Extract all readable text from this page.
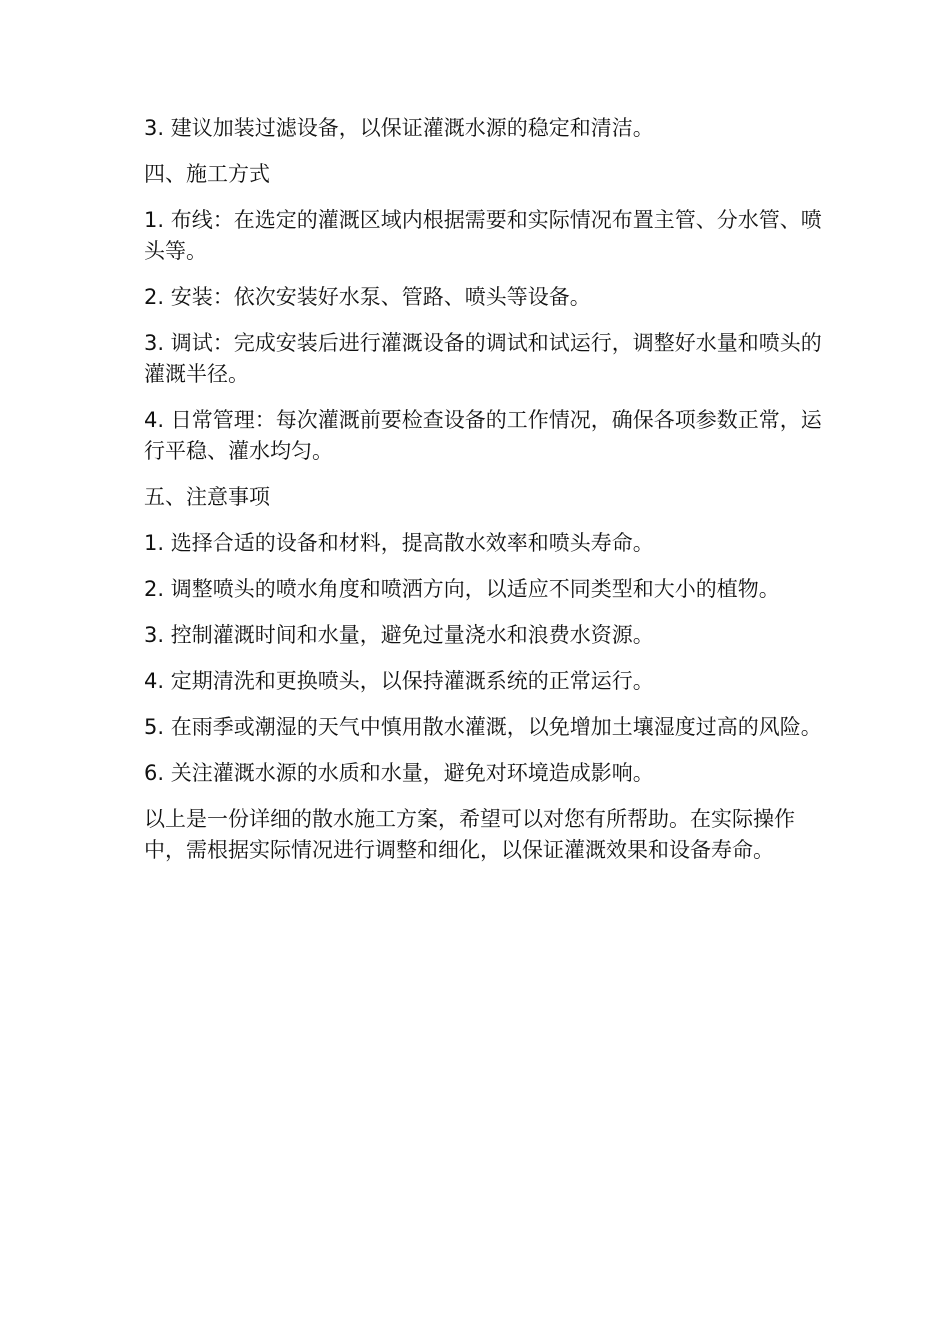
3. 建议加装过滤设备，以保证灌溉水源的稳定和清洁。

四、施工方式

1. 布线：在选定的灌溉区域内根据需要和实际情况布置主管、分水管、喷头等。

2. 安装：依次安装好水泵、管路、喷头等设备。

3. 调试：完成安装后进行灌溉设备的调试和试运行，调整好水量和喷头的灌溉半径。

4. 日常管理：每次灌溉前要检查设备的工作情况，确保各项参数正常，运行平稳、灌水均匀。

五、注意事项

1. 选择合适的设备和材料，提高散水效率和喷头寿命。

2. 调整喷头的喷水角度和喷洒方向，以适应不同类型和大小的植物。

3. 控制灌溉时间和水量，避免过量浇水和浪费水资源。

4. 定期清洗和更换喷头，以保持灌溉系统的正常运行。

5. 在雨季或潮湿的天气中慎用散水灌溉，以免增加土壤湿度过高的风险。

6. 关注灌溉水源的水质和水量，避免对环境造成影响。

以上是一份详细的散水施工方案，希望可以对您有所帮助。在实际操作中，需根据实际情况进行调整和细化，以保证灌溉效果和设备寿命。
